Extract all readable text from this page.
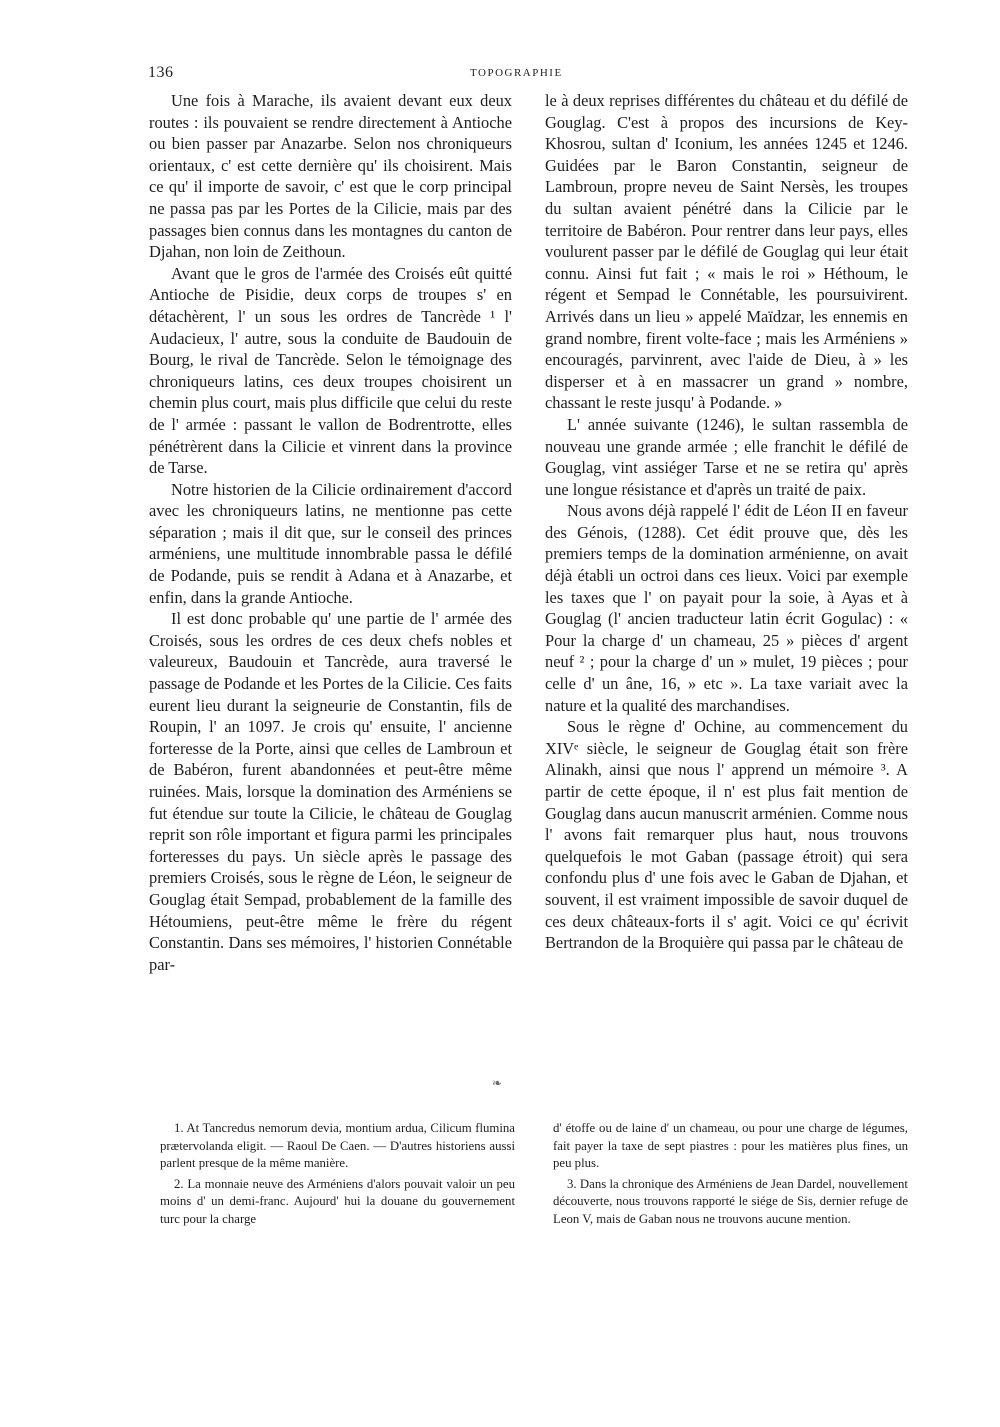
136	TOPOGRAPHIE

Une fois à Marache, ils avaient devant eux deux routes : ils pouvaient se rendre directement à Antioche ou bien passer par Anazarbe. Selon nos chroniqueurs orientaux, c' est cette dernière qu' ils choisirent. Mais ce qu' il importe de savoir, c' est que le corp principal ne passa pas par les Portes de la Cilicie, mais par des passages bien connus dans les montagnes du canton de Djahan, non loin de Zeithoun.

Avant que le gros de l'armée des Croisés eût quitté Antioche de Pisidie, deux corps de troupes s' en détachèrent, l' un sous les ordres de Tancrède ¹ l' Audacieux, l' autre, sous la conduite de Baudouin de Bourg, le rival de Tancrède. Selon le témoignage des chroniqueurs latins, ces deux troupes choisirent un chemin plus court, mais plus difficile que celui du reste de l' armée : passant le vallon de Bodrentrotte, elles pénétrèrent dans la Cilicie et vinrent dans la province de Tarse.

Notre historien de la Cilicie ordinairement d'accord avec les chroniqueurs latins, ne mentionne pas cette séparation ; mais il dit que, sur le conseil des princes arméniens, une multitude innombrable passa le défilé de Podande, puis se rendit à Adana et à Anazarbe, et enfin, dans la grande Antioche.

Il est donc probable qu' une partie de l' armée des Croisés, sous les ordres de ces deux chefs nobles et valeureux, Baudouin et Tancrède, aura traversé le passage de Podande et les Portes de la Cilicie. Ces faits eurent lieu durant la seigneurie de Constantin, fils de Roupin, l' an 1097. Je crois qu' ensuite, l' ancienne forteresse de la Porte, ainsi que celles de Lambroun et de Babéron, furent abandonnées et peut-être même ruinées. Mais, lorsque la domination des Arméniens se fut étendue sur toute la Cilicie, le château de Gouglag reprit son rôle important et figura parmi les principales forteresses du pays. Un siècle après le passage des premiers Croisés, sous le règne de Léon, le seigneur de Gouglag était Sempad, probablement de la famille des Hétoumiens, peut-être même le frère du régent Constantin. Dans ses mémoires, l' historien Connétable par-

le à deux reprises différentes du château et du défilé de Gouglag. C'est à propos des incursions de Key-Khosrou, sultan d' Iconium, les années 1245 et 1246. Guidées par le Baron Constantin, seigneur de Lambroun, propre neveu de Saint Nersès, les troupes du sultan avaient pénétré dans la Cilicie par le territoire de Babéron. Pour rentrer dans leur pays, elles voulurent passer par le défilé de Gouglag qui leur était connu. Ainsi fut fait ; « mais le roi » Héthoum, le régent et Sempad le Connétable, les poursuivirent. Arrivés dans un lieu » appelé Maïdzar, les ennemis en grand nombre, firent volte-face ; mais les Arméniens » encouragés, parvinrent, avec l'aide de Dieu, à » les disperser et à en massacrer un grand » nombre, chassant le reste jusqu' à Podande. »

L' année suivante (1246), le sultan rassembla de nouveau une grande armée ; elle franchit le défilé de Gouglag, vint assiéger Tarse et ne se retira qu' après une longue résistance et d'après un traité de paix.

Nous avons déjà rappelé l' édit de Léon II en faveur des Génois, (1288). Cet édit prouve que, dès les premiers temps de la domination arménienne, on avait déjà établi un octroi dans ces lieux. Voici par exemple les taxes que l' on payait pour la soie, à Ayas et à Gouglag (l' ancien traducteur latin écrit Gogulac) : « Pour la charge d' un chameau, 25 » pièces d' argent neuf ² ; pour la charge d' un » mulet, 19 pièces ; pour celle d' un âne, 16, » etc ». La taxe variait avec la nature et la qualité des marchandises.

Sous le règne d' Ochine, au commencement du XIVᵉ siècle, le seigneur de Gouglag était son frère Alinakh, ainsi que nous l' apprend un mémoire ³. A partir de cette époque, il n' est plus fait mention de Gouglag dans aucun manuscrit arménien. Comme nous l' avons fait remarquer plus haut, nous trouvons quelquefois le mot Gaban (passage étroit) qui sera confondu plus d' une fois avec le Gaban de Djahan, et souvent, il est vraiment impossible de savoir duquel de ces deux châteaux-forts il s' agit. Voici ce qu' écrivit Bertrandon de la Broquière qui passa par le château de

❧

1. At Tancredus nemorum devia, montium ardua, Cilicum flumina prætervolanda eligit. — Raoul De Caen. — D'autres historiens aussi parlent presque de la même manière.

2. La monnaie neuve des Arméniens d'alors pouvait valoir un peu moins d' un demi-franc. Aujourd' hui la douane du gouvernement turc pour la charge

d' étoffe ou de laine d' un chameau, ou pour une charge de légumes, fait payer la taxe de sept piastres : pour les matières plus fines, un peu plus.

3. Dans la chronique des Arméniens de Jean Dardel, nouvellement découverte, nous trouvons rapporté le siége de Sis, dernier refuge de Leon V, mais de Gaban nous ne trouvons aucune mention.
